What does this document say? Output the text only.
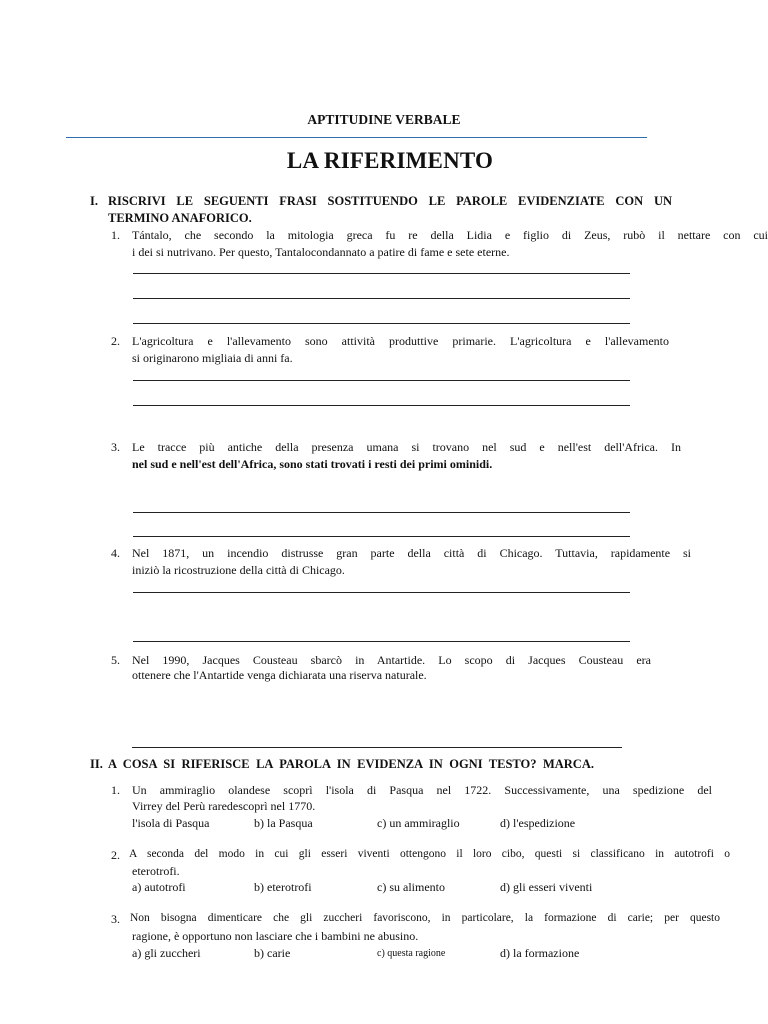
APTITUDINE VERBALE
LA RIFERIMENTO
I. RISCRIVI LE SEGUENTI FRASI SOSTITUENDO LE PAROLE EVIDENZIATE CON UN
TERMINO ANAFORICO.
1. Tántalo, che secondo la mitologia greca fu re della Lidia e figlio di Zeus, rubò il nettare con cui
i dei si nutrivano. Per questo, Tantalocondannato a patire di fame e sete eterne.
2. L'agricoltura e l'allevamento sono attività produttive primarie. L'agricoltura e l'allevamento
si originarono migliaia di anni fa.
3. Le tracce più antiche della presenza umana si trovano nel sud e nell'est dell'Africa. In
nel sud e nell'est dell'Africa, sono stati trovati i resti dei primi ominidi.
4. Nel 1871, un incendio distrusse gran parte della città di Chicago. Tuttavia, rapidamente si
iniziò la ricostruzione della città di Chicago.
5. Nel 1990, Jacques Cousteau sbarcò in Antartide. Lo scopo di Jacques Cousteau era
ottenere che l'Antartide venga dichiarata una riserva naturale.
II. A COSA SI RIFERISCE LA PAROLA IN EVIDENZA IN OGNI TESTO? MARCA.
1. Un ammiraglio olandese scoprì l'isola di Pasqua nel 1722. Successivamente, una spedizione del
Virrey del Perù raredescoprì nel 1770.
l'isola di Pasqua	b) la Pasqua	c) un ammiraglio	d) l'espedizione
2. A seconda del modo in cui gli esseri viventi ottengono il loro cibo, questi si classificano in autotrofi o
eterotrofi.
a) autotrofi	b) eterotrofi	c) su alimento	d) gli esseri viventi
3. Non bisogna dimenticare che gli zuccheri favoriscono, in particolare, la formazione di carie; per questo
ragione, è opportuno non lasciare che i bambini ne abusino.
a) gli zuccheri	b) carie	c) questa ragione	d) la formazione
